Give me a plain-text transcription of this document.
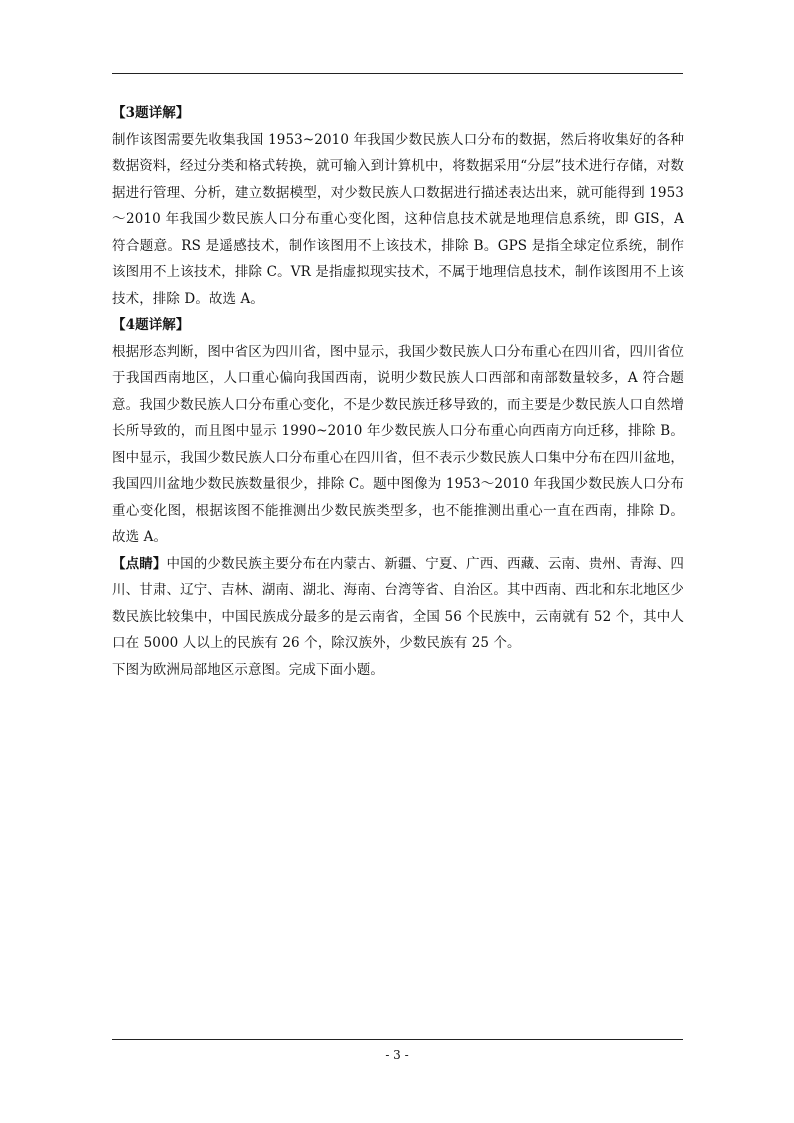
【3题详解】

制作该图需要先收集我国 1953~2010 年我国少数民族人口分布的数据，然后将收集好的各种数据资料，经过分类和格式转换，就可输入到计算机中，将数据采用“分层”技术进行存储，对数据进行管理、分析，建立数据模型，对少数民族人口数据进行描述表达出来，就可能得到 1953～2010 年我国少数民族人口分布重心变化图，这种信息技术就是地理信息系统，即 GIS，A 符合题意。RS 是遥感技术，制作该图用不上该技术，排除 B。GPS 是指全球定位系统，制作该图用不上该技术，排除 C。VR 是指虚拟现实技术，不属于地理信息技术，制作该图用不上该技术，排除 D。故选 A。

【4题详解】

根据形态判断，图中省区为四川省，图中显示，我国少数民族人口分布重心在四川省，四川省位于我国西南地区，人口重心偏向我国西南，说明少数民族人口西部和南部数量较多，A 符合题意。我国少数民族人口分布重心变化，不是少数民族迁移导致的，而主要是少数民族人口自然增长所导致的，而且图中显示 1990~2010 年少数民族人口分布重心向西南方向迁移，排除 B。图中显示，我国少数民族人口分布重心在四川省，但不表示少数民族人口集中分布在四川盆地，我国四川盆地少数民族数量很少，排除 C。题中图像为 1953～2010 年我国少数民族人口分布重心变化图，根据该图不能推测出少数民族类型多，也不能推测出重心一直在西南，排除 D。故选 A。

【点睛】中国的少数民族主要分布在内蒙古、新疆、宁夏、广西、西藏、云南、贵州、青海、四川、甘肃、辽宁、吉林、湖南、湖北、海南、台湾等省、自治区。其中西南、西北和东北地区少数民族比较集中，中国民族成分最多的是云南省，全国 56 个民族中，云南就有 52 个，其中人口在 5000 人以上的民族有 26 个，除汉族外，少数民族有 25 个。

下图为欧洲局部地区示意图。完成下面小题。

- 3 -
